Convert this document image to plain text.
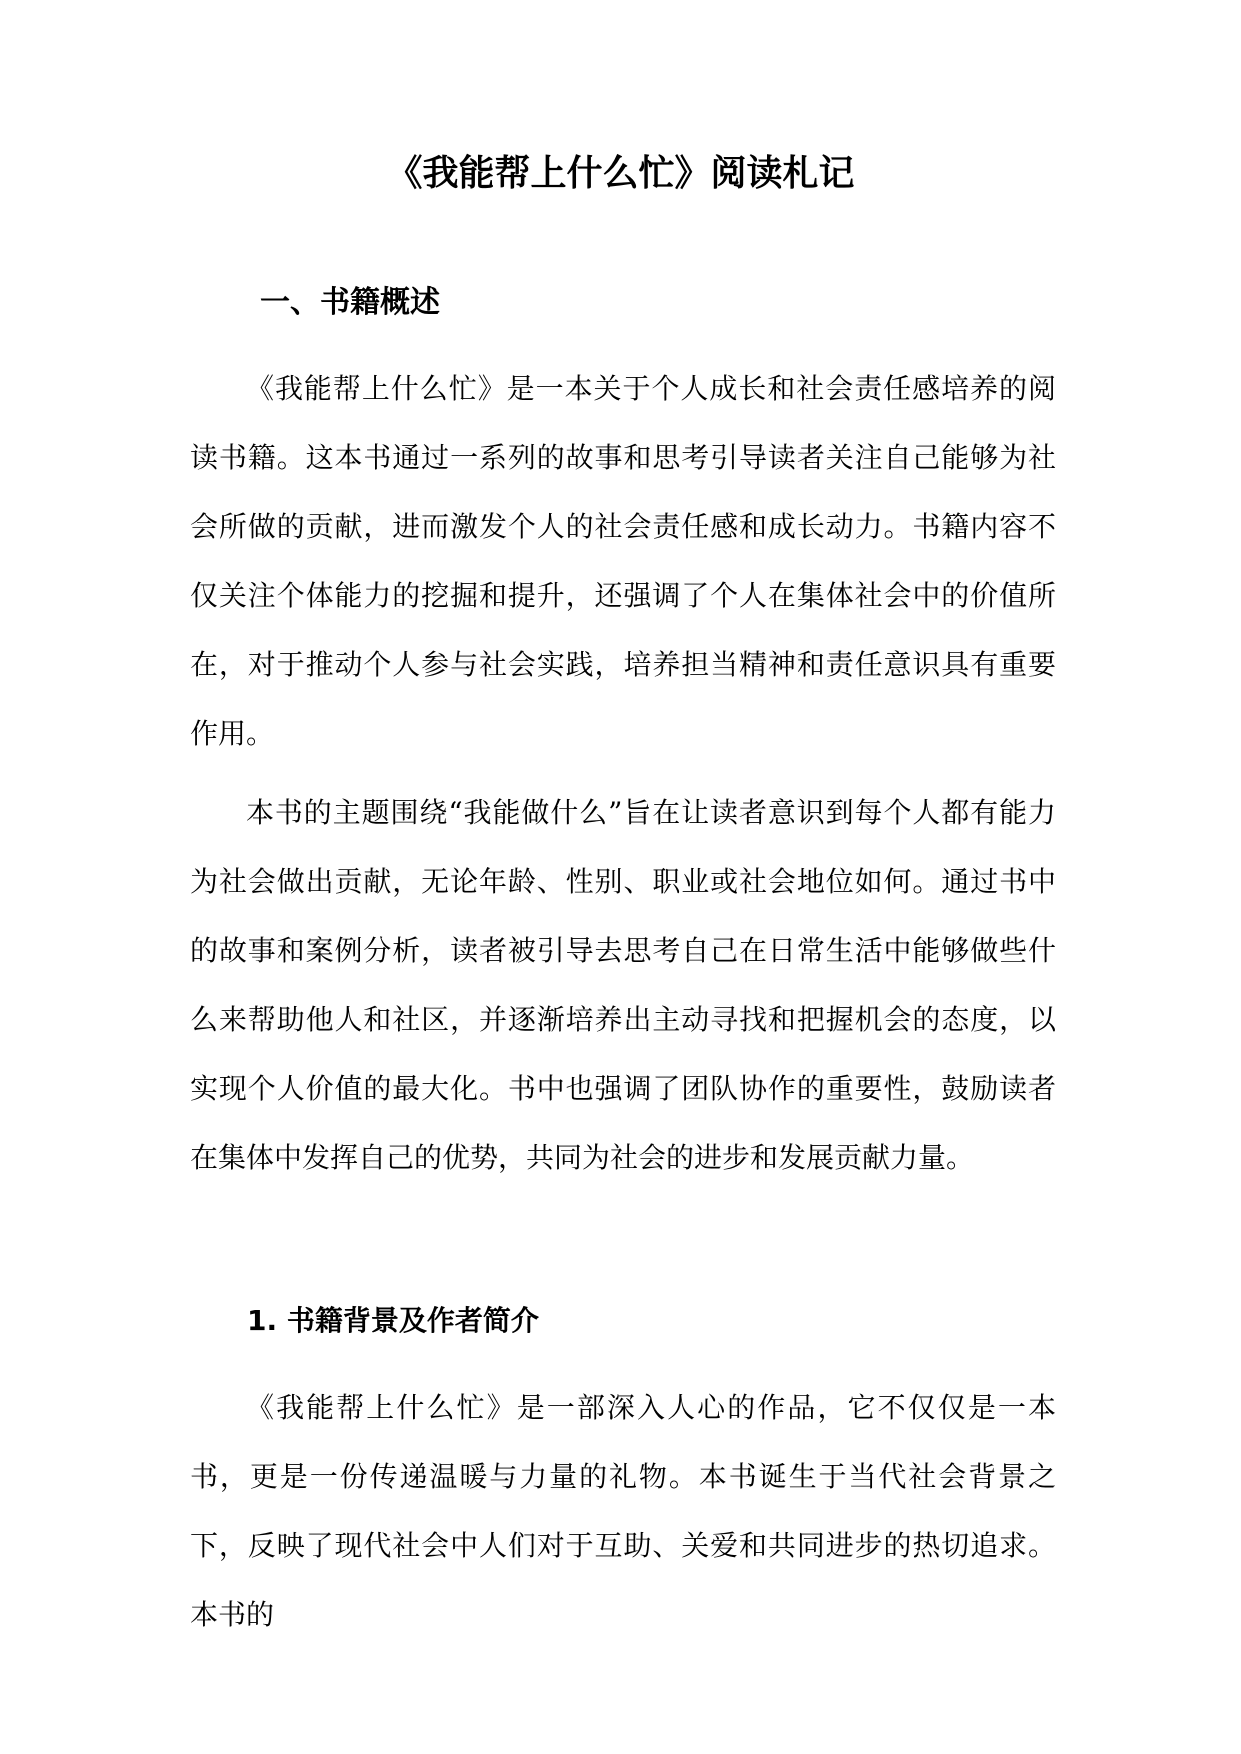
《我能帮上什么忙》阅读札记
一、书籍概述

《我能帮上什么忙》是一本关于个人成长和社会责任感培养的阅读书籍。这本书通过一系列的故事和思考引导读者关注自己能够为社会所做的贡献，进而激发个人的社会责任感和成长动力。书籍内容不仅关注个体能力的挖掘和提升，还强调了个人在集体社会中的价值所在，对于推动个人参与社会实践，培养担当精神和责任意识具有重要作用。

本书的主题围绕“我能做什么”旨在让读者意识到每个人都有能力为社会做出贡献，无论年龄、性别、职业或社会地位如何。通过书中的故事和案例分析，读者被引导去思考自己在日常生活中能够做些什么来帮助他人和社区，并逐渐培养出主动寻找和把握机会的态度，以实现个人价值的最大化。书中也强调了团队协作的重要性，鼓励读者在集体中发挥自己的优势，共同为社会的进步和发展贡献力量。

1. 书籍背景及作者简介

《我能帮上什么忙》是一部深入人心的作品，它不仅仅是一本书，更是一份传递温暖与力量的礼物。本书诞生于当代社会背景之下，反映了现代社会中人们对于互助、关爱和共同进步的热切追求。本书的
